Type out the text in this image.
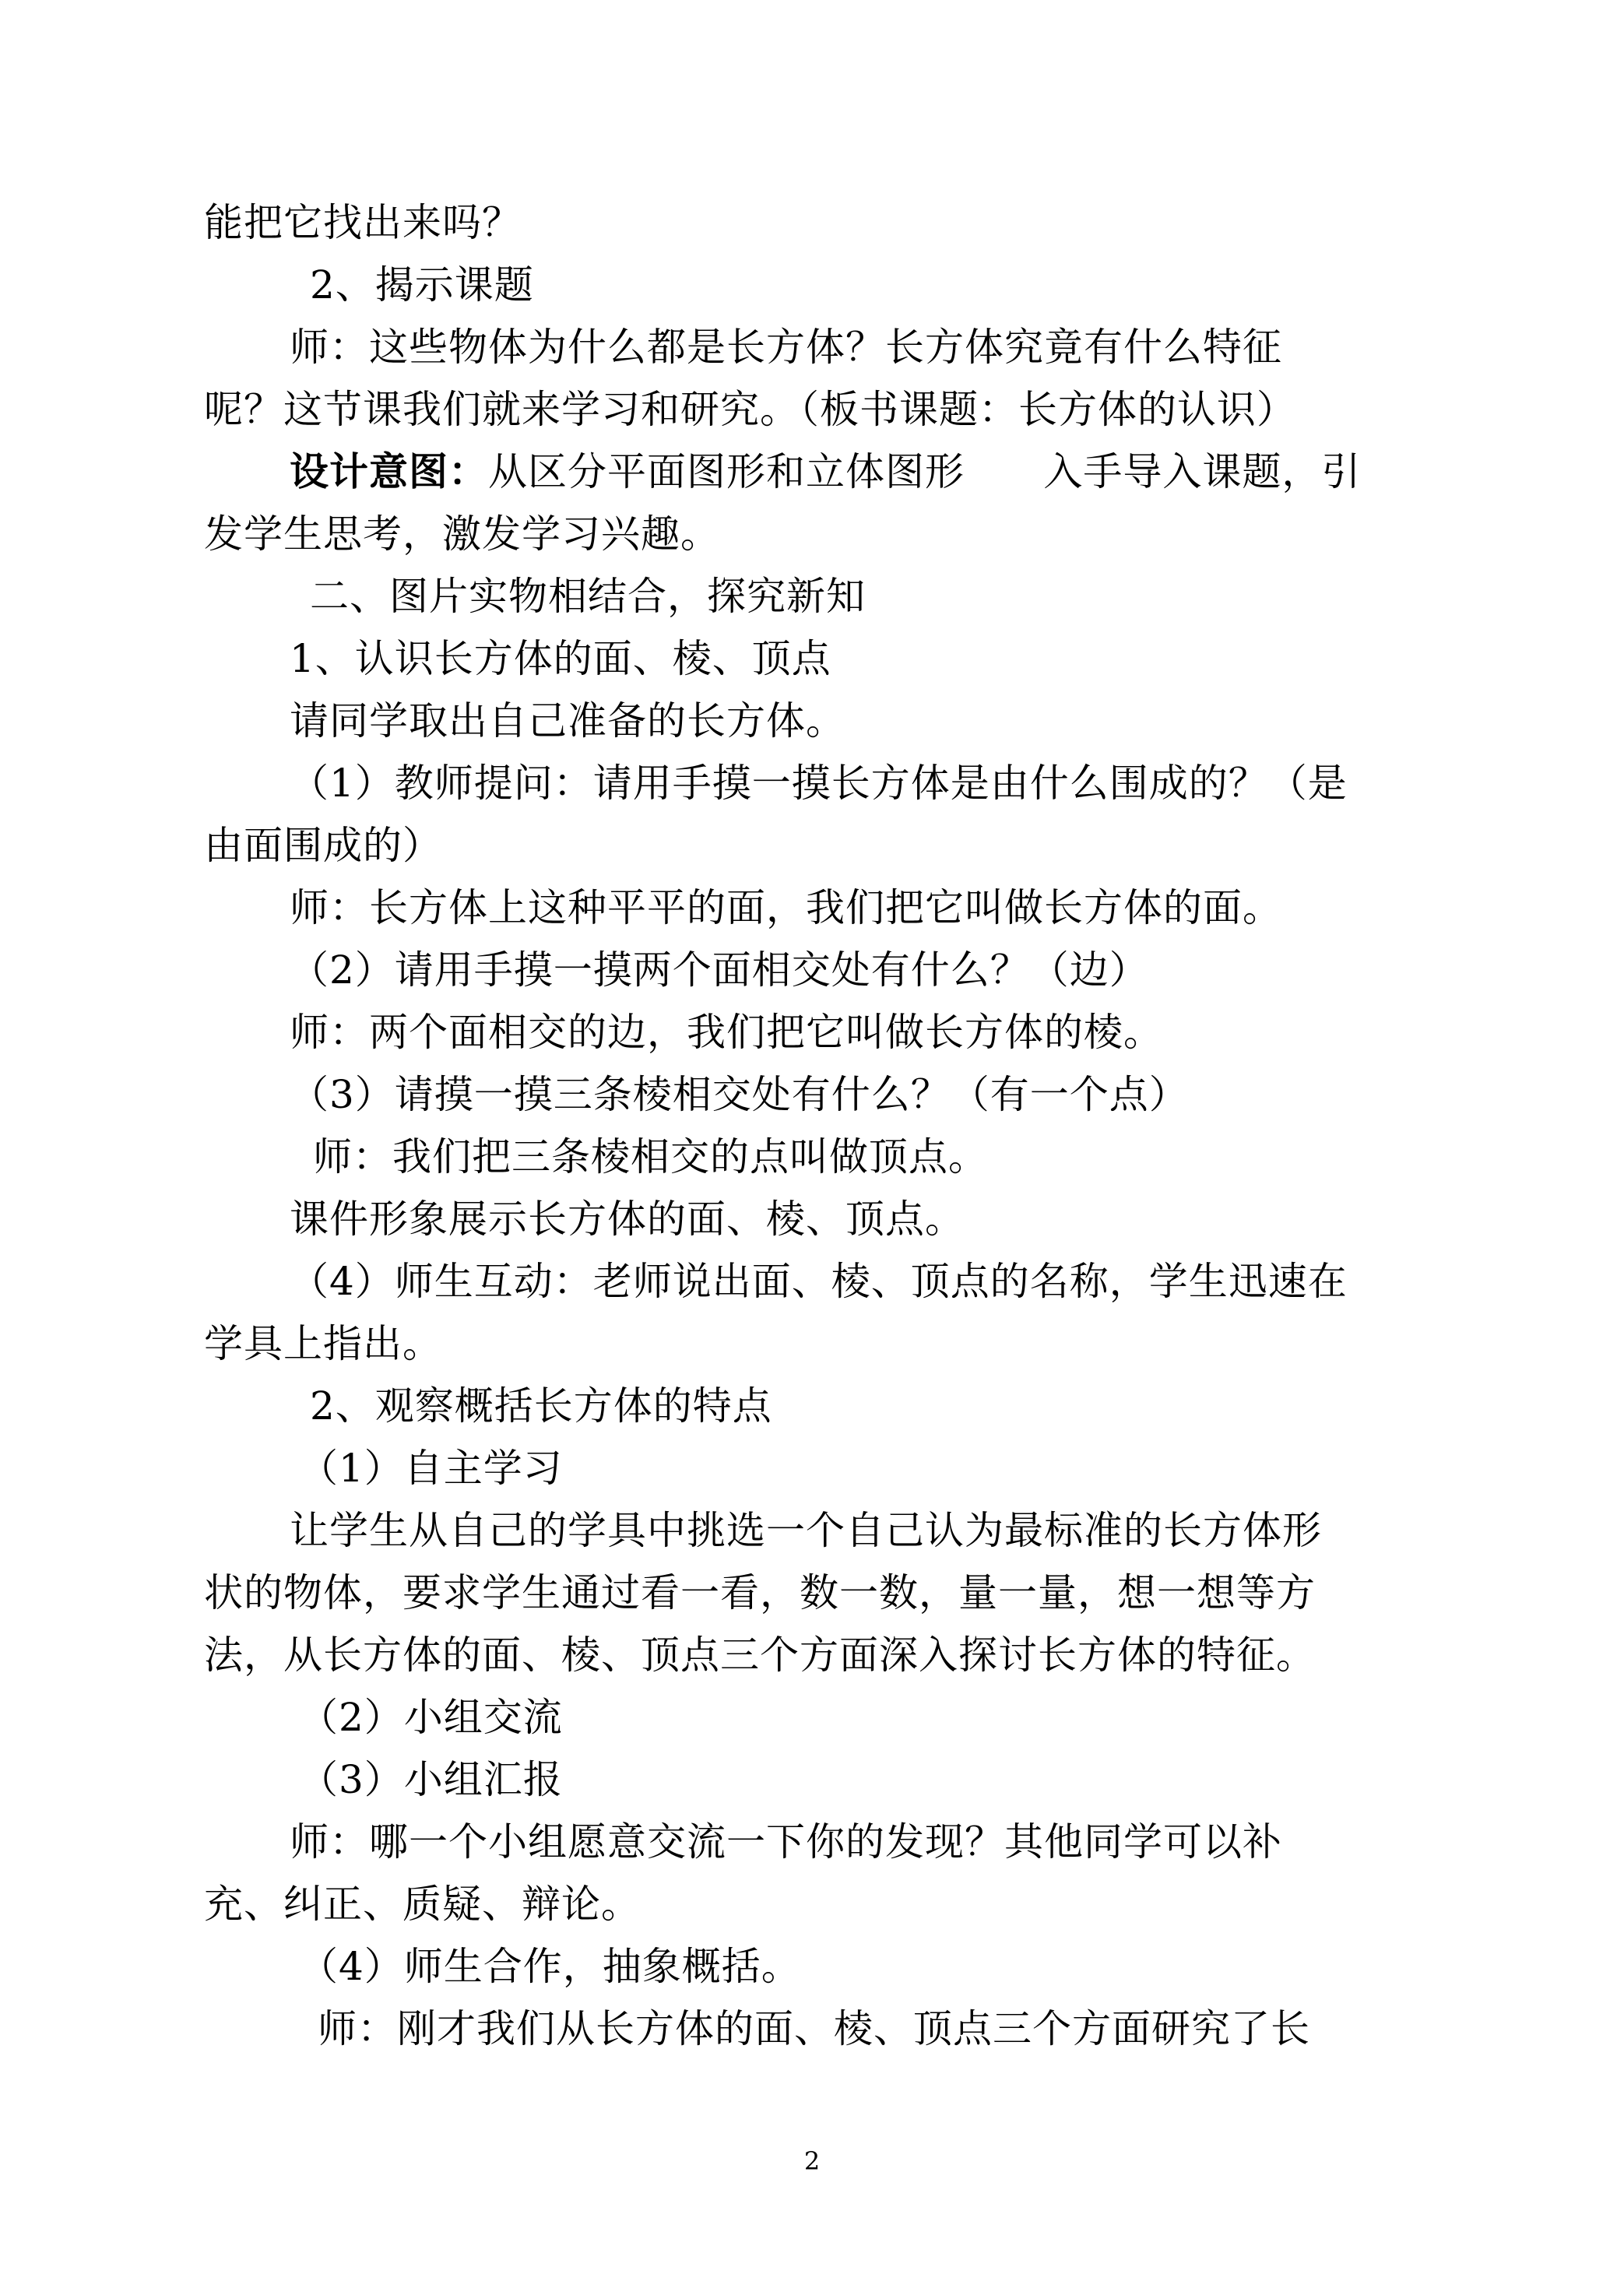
能把它找出来吗？
2、揭示课题
师：这些物体为什么都是长方体？长方体究竟有什么特征
呢？这节课我们就来学习和研究。（板书课题：长方体的认识）
设计意图：从区分平面图形和立体图形      入手导入课题，引
发学生思考，激发学习兴趣。
二、图片实物相结合，探究新知
1、认识长方体的面、棱、顶点
请同学取出自己准备的长方体。
（1）教师提问：请用手摸一摸长方体是由什么围成的？（是
由面围成的）
师：长方体上这种平平的面，我们把它叫做长方体的面。
（2）请用手摸一摸两个面相交处有什么？（边）
师：两个面相交的边，我们把它叫做长方体的棱。
（3）请摸一摸三条棱相交处有什么？（有一个点）
师：我们把三条棱相交的点叫做顶点。
课件形象展示长方体的面、棱、顶点。
（4）师生互动：老师说出面、棱、顶点的名称，学生迅速在
学具上指出。
2、观察概括长方体的特点
（1）自主学习
让学生从自己的学具中挑选一个自己认为最标准的长方体形
状的物体，要求学生通过看一看，数一数，量一量，想一想等方
法，从长方体的面、棱、顶点三个方面深入探讨长方体的特征。
（2）小组交流
（3）小组汇报
师：哪一个小组愿意交流一下你的发现？其他同学可以补
充、纠正、质疑、辩论。
（4）师生合作，抽象概括。
师：刚才我们从长方体的面、棱、顶点三个方面研究了长
2
